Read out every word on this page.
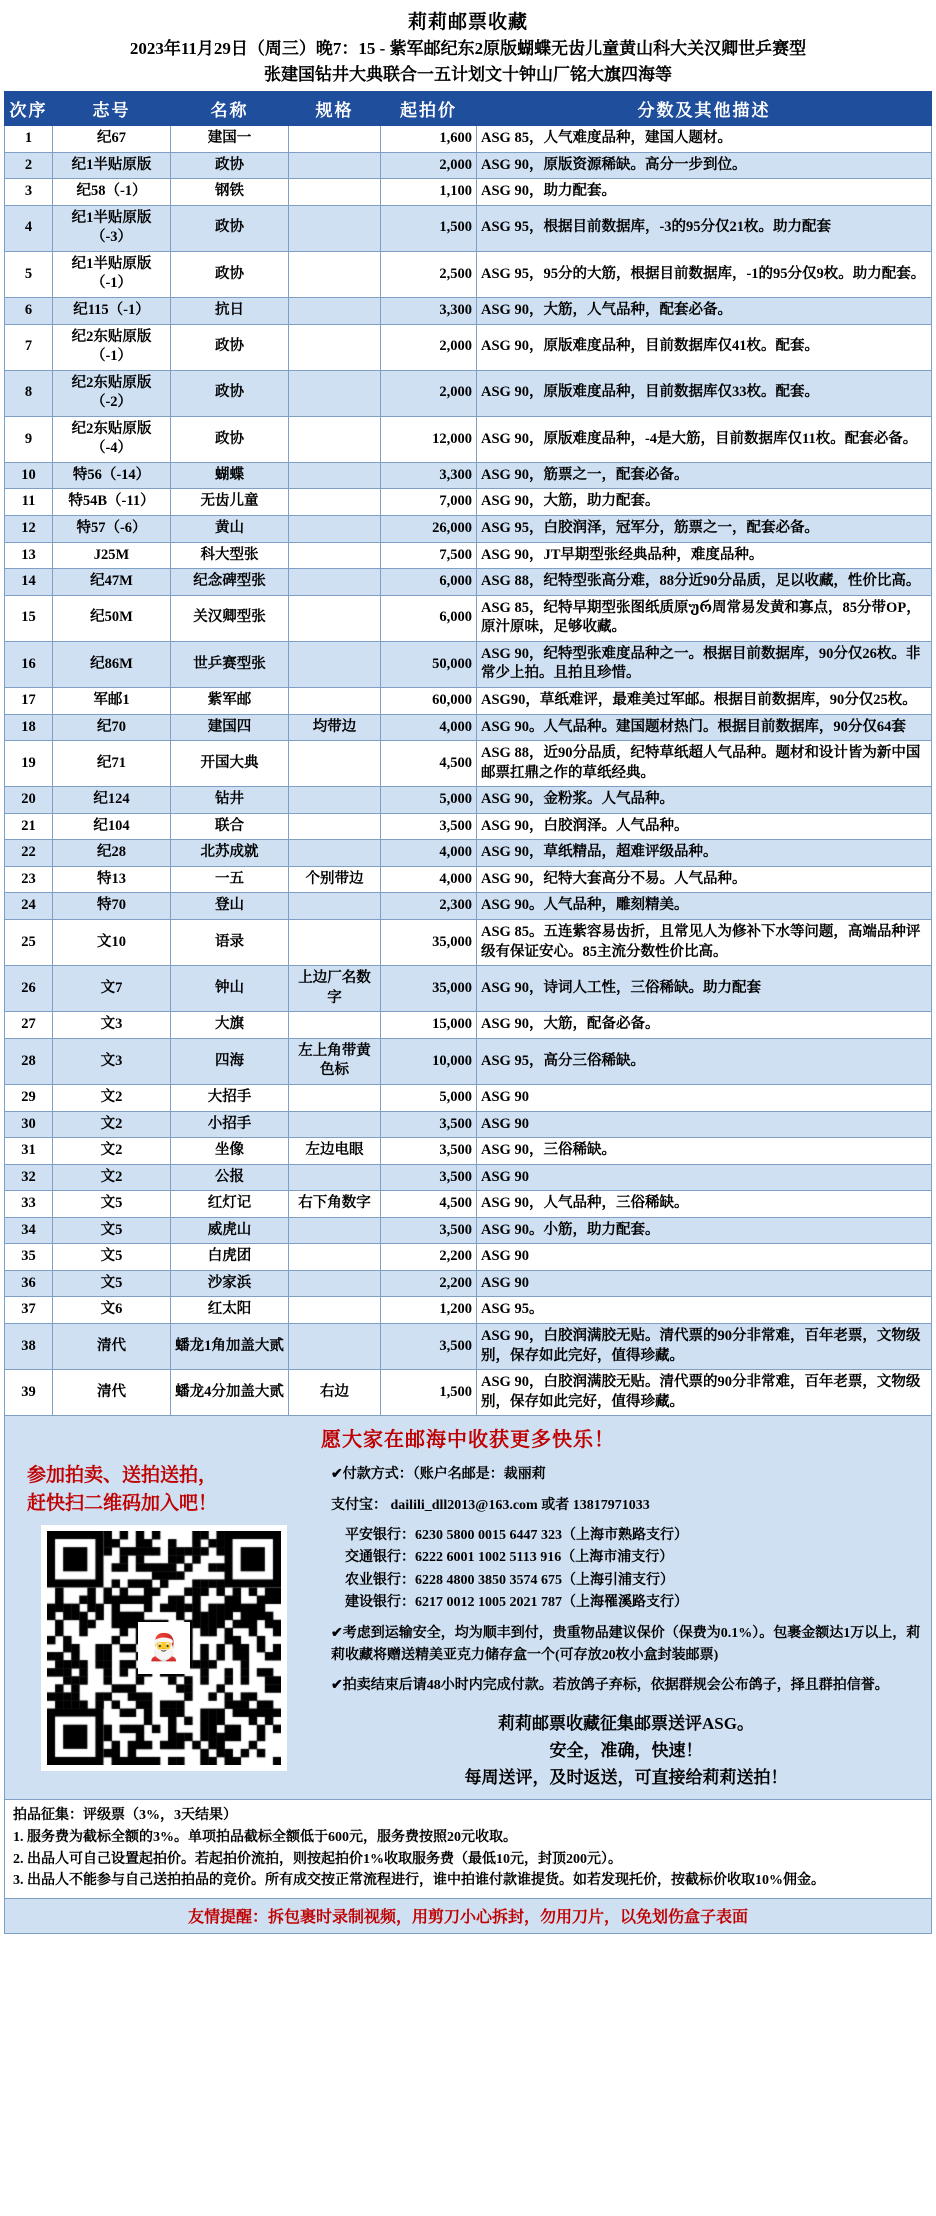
莉莉邮票收藏
2023年11月29日（周三）晚7：15 - 紫军邮纪东2原版蝴蝶无齿儿童黄山科大关汉卿世乒赛型
张建国钻井大典联合一五计划文十钟山厂铭大旗四海等
次序	志号	名称	规格	起拍价	分数及其他描述
1	纪67	建国一		1,600	ASG 85，人气难度品种，建国人题材。
2	纪1半贴原版	政协		2,000	ASG 90，原版资源稀缺。高分一步到位。
3	纪58（-1）	钢铁		1,100	ASG 90，助力配套。
4	纪1半贴原版（-3）	政协		1,500	ASG 95，根据目前数据库，-3的95分仅21枚。助力配套
5	纪1半贴原版（-1）	政协		2,500	ASG 95，95分的大筋，根据目前数据库，-1的95分仅9枚。助力配套。
6	纪115（-1）	抗日		3,300	ASG 90，大筋，人气品种，配套必备。
7	纪2东贴原版（-1）	政协		2,000	ASG 90，原版难度品种，目前数据库仅41枚。配套。
8	纪2东贴原版（-2）	政协		2,000	ASG 90，原版难度品种，目前数据库仅33枚。配套。
9	纪2东贴原版（-4）	政协		12,000	ASG 90，原版难度品种，-4是大筋，目前数据库仅11枚。配套必备。
10	特56（-14）	蝴蝶		3,300	ASG 90，筋票之一，配套必备。
11	特54B（-11）	无齿儿童		7,000	ASG 90，大筋，助力配套。
12	特57（-6）	黄山		26,000	ASG 95，白胶润泽，冠军分，筋票之一，配套必备。
13	J25M	科大型张		7,500	ASG 90，JT早期型张经典品种，难度品种。
14	纪47M	纪念碑型张		6,000	ASG 88，纪特型张高分难，88分近90分品质，足以收藏，性价比高。
15	纪50M	关汉卿型张		6,000	ASG 85，纪特早期型张图纸质原ურ周常易发黄和寡点，85分带OP，原汁原味，足够收藏。
16	纪86M	世乒赛型张		50,000	ASG 90，纪特型张难度品种之一。根据目前数据库，90分仅26枚。非常少上拍。且拍且珍惜。
17	军邮1	紫军邮		60,000	ASG90，草纸难评，最难美过军邮。根据目前数据库，90分仅25枚。
18	纪70	建国四	均带边	4,000	ASG 90。人气品种。建国题材热门。根据目前数据库，90分仅64套
19	纪71	开国大典		4,500	ASG 88，近90分品质，纪特草纸超人气品种。题材和设计皆为新中国邮票扛鼎之作的草纸经典。
20	纪124	钻井		5,000	ASG 90，金粉浆。人气品种。
21	纪104	联合		3,500	ASG 90，白胶润泽。人气品种。
22	纪28	北苏成就		4,000	ASG 90，草纸精品，超难评级品种。
23	特13	一五	个别带边	4,000	ASG 90，纪特大套高分不易。人气品种。
24	特70	登山		2,300	ASG 90。人气品种，雕刻精美。
25	文10	语录		35,000	ASG 85。五连紫容易齿折，且常见人为修补下水等问题，高端品种评级有保证安心。85主流分数性价比高。
26	文7	钟山	上边厂名数字	35,000	ASG 90，诗词人工性，三俗稀缺。助力配套
27	文3	大旗		15,000	ASG 90，大筋，配备必备。
28	文3	四海	左上角带黄色标	10,000	ASG 95，高分三俗稀缺。
29	文2	大招手		5,000	ASG 90
30	文2	小招手		3,500	ASG 90
31	文2	坐像	左边电眼	3,500	ASG 90，三俗稀缺。
32	文2	公报		3,500	ASG 90
33	文5	红灯记	右下角数字	4,500	ASG 90，人气品种，三俗稀缺。
34	文5	威虎山		3,500	ASG 90。小筋，助力配套。
35	文5	白虎团		2,200	ASG 90
36	文5	沙家浜		2,200	ASG 90
37	文6	红太阳		1,200	ASG 95。
38	清代	蟠龙1角加盖大贰		3,500	ASG 90，白胶润满胶无贴。清代票的90分非常难，百年老票，文物级别，保存如此完好，值得珍藏。
39	清代	蟠龙4分加盖大贰	右边	1,500	ASG 90，白胶润满胶无贴。清代票的90分非常难，百年老票，文物级别，保存如此完好，值得珍藏。
愿大家在邮海中收获更多快乐！
参加拍卖、送拍送拍，
赶快扫二维码加入吧！
🎅

✔付款方式：（账户名邮是：裁丽莉

支付宝： dailili_dll2013@163.com 或者 13817971033

平安银行：6230 5800 0015 6447 323（上海市熟路支行）
交通银行：6222 6001 1002 5113 916（上海市浦支行）
农业银行：6228 4800 3850 3574 675（上海引浦支行）
建设银行：6217 0012 1005 2021 787（上海罹溪路支行）

✔考虑到运输安全，均为顺丰到付，贵重物品建议保价（保费为0.1%）。包裹金额达1万以上，莉莉收藏将赠送精美亚克力储存盒一个(可存放20枚小盒封装邮票)

✔拍卖结束后请48小时内完成付款。若放鸽子弃标，依据群规会公布鸽子，择且群拍信誉。

莉莉邮票收藏征集邮票送评ASG。
安全，准确，快速！
每周送评，及时返送，可直接给莉莉送拍！
拍品征集：评级票（3%，3天结果）
1. 服务费为截标全额的3%。单项拍品截标全额低于600元，服务费按照20元收取。
2. 出品人可自己设置起拍价。若起拍价流拍，则按起拍价1%收取服务费（最低10元，封顶200元）。
3. 出品人不能参与自己送拍拍品的竞价。所有成交按正常流程进行，谁中拍谁付款谁提货。如若发现托价，按截标价收取10%佣金。
友情提醒：拆包裹时录制视频，用剪刀小心拆封，勿用刀片，以免划伤盒子表面
